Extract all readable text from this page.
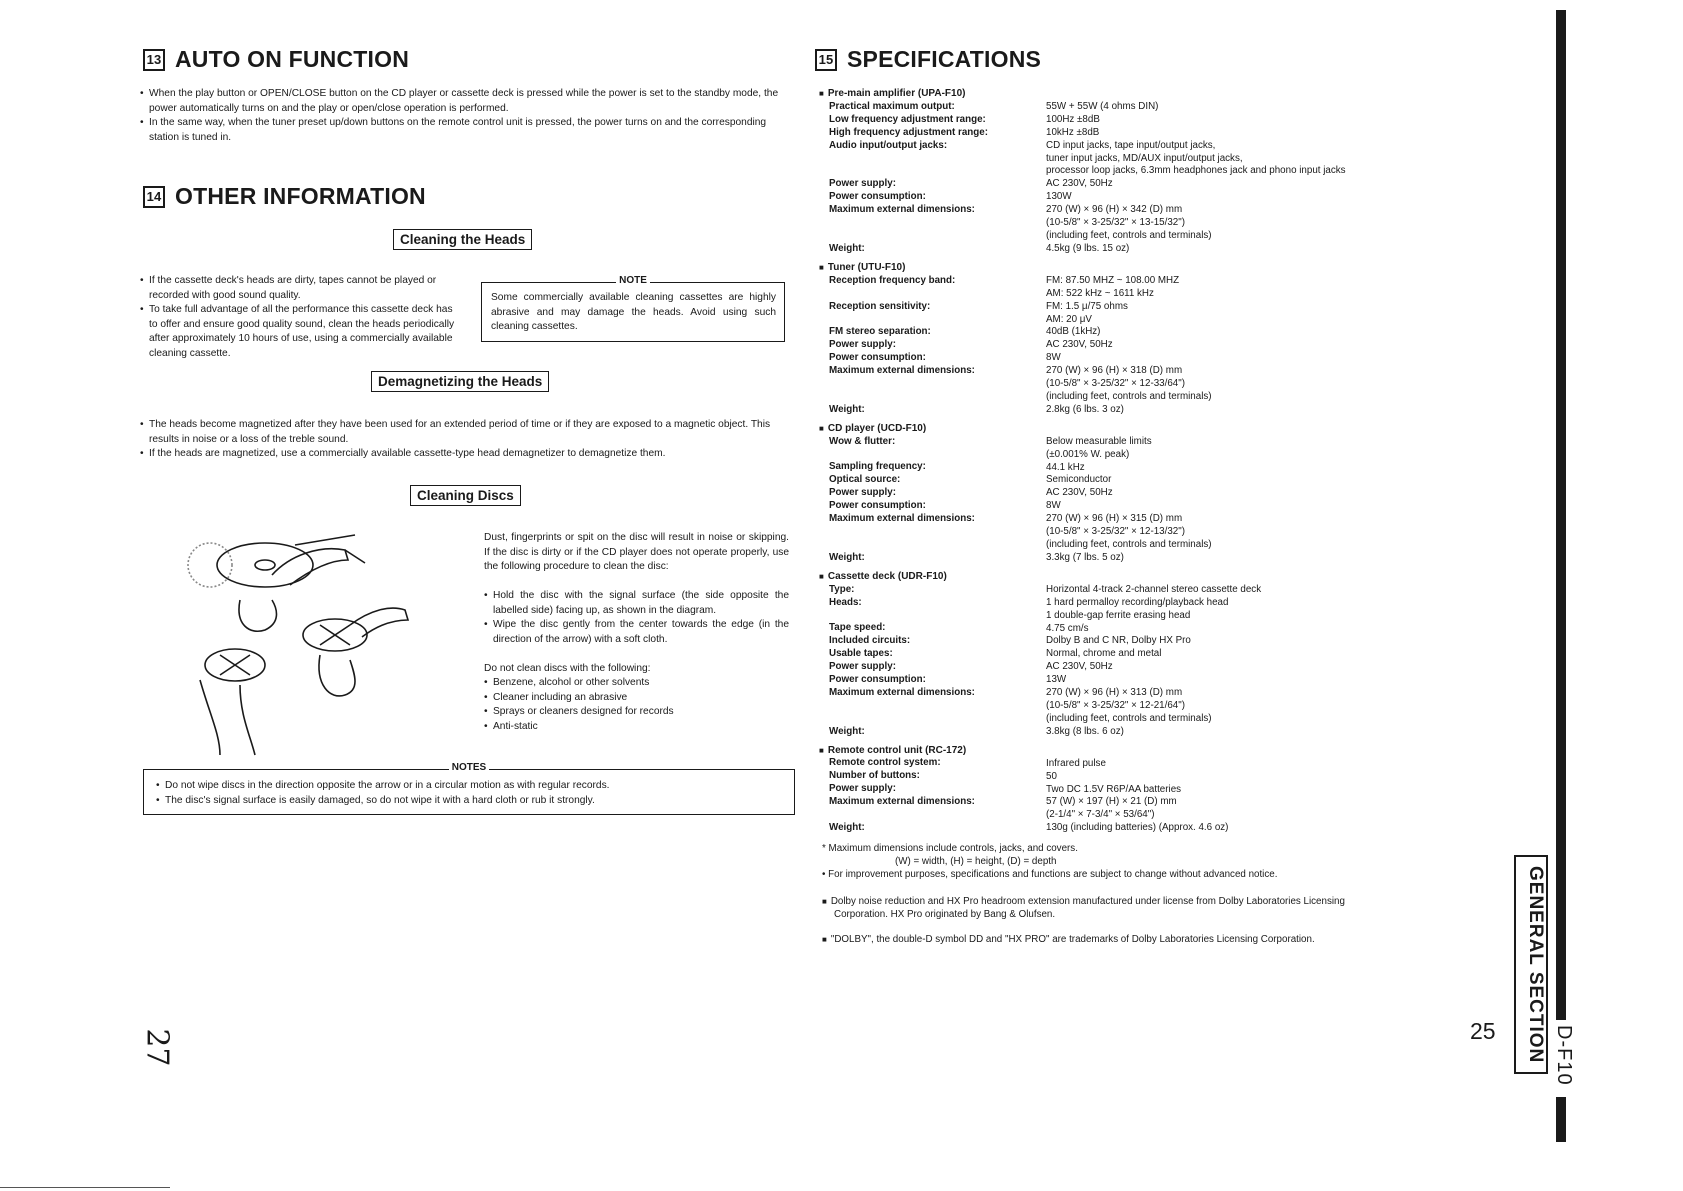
13 AUTO ON FUNCTION
• When the play button or OPEN/CLOSE button on the CD player or cassette deck is pressed while the power is set to the standby mode, the power automatically turns on and the play or open/close operation is performed.
• In the same way, when the tuner preset up/down buttons on the remote control unit is pressed, the power turns on and the corresponding station is tuned in.
14 OTHER INFORMATION
Cleaning the Heads
• If the cassette deck's heads are dirty, tapes cannot be played or recorded with good sound quality.
• To take full advantage of all the performance this cassette deck has to offer and ensure good quality sound, clean the heads periodically after approximately 10 hours of use, using a commercially available cleaning cassette.
NOTE
Some commercially available cleaning cassettes are highly abrasive and may damage the heads. Avoid using such cleaning cassettes.
Demagnetizing the Heads
• The heads become magnetized after they have been used for an extended period of time or if they are exposed to a magnetic object. This results in noise or a loss of the treble sound.
• If the heads are magnetized, use a commercially available cassette-type head demagnetizer to demagnetize them.
Cleaning Discs
Dust, fingerprints or spit on the disc will result in noise or skipping. If the disc is dirty or if the CD player does not operate properly, use the following procedure to clean the disc:
• Hold the disc with the signal surface (the side opposite the labelled side) facing up, as shown in the diagram.
• Wipe the disc gently from the center towards the edge (in the direction of the arrow) with a soft cloth.
Do not clean discs with the following:
• Benzene, alcohol or other solvents
• Cleaner including an abrasive
• Sprays or cleaners designed for records
• Anti-static
NOTES
• Do not wipe discs in the direction opposite the arrow or in a circular motion as with regular records.
• The disc's signal surface is easily damaged, so do not wipe it with a hard cloth or rub it strongly.
27
15 SPECIFICATIONS
■ Pre-main amplifier (UPA-F10)
Practical maximum output:
Low frequency adjustment range:
High frequency adjustment range:
Audio input/output jacks:
Power supply:
Power consumption:
Maximum external dimensions:
Weight:
■ Tuner (UTU-F10)
Reception frequency band:
Reception sensitivity:
FM stereo separation:
Power supply:
Power consumption:
Maximum external dimensions:
Weight:
■ CD player (UCD-F10)
Wow & flutter:
Sampling frequency:
Optical source:
Power supply:
Power consumption:
Maximum external dimensions:
Weight:
■ Cassette deck (UDR-F10)
Type:
Heads:
Tape speed:
Included circuits:
Usable tapes:
Power supply:
Power consumption:
Maximum external dimensions:
Weight:
■ Remote control unit (RC-172)
Remote control system:
Number of buttons:
Power supply:
Maximum external dimensions:
Weight:

55W + 55W (4 ohms DIN)
100Hz ±8dB
10kHz ±8dB
CD input jacks, tape input/output jacks,
tuner input jacks, MD/AUX input/output jacks,
processor loop jacks, 6.3mm headphones jack and phono input jacks
AC 230V, 50Hz
130W
270 (W) × 96 (H) × 342 (D) mm
(10-5/8" × 3-25/32" × 13-15/32")
(including feet, controls and terminals)
4.5kg (9 lbs. 15 oz)

FM: 87.50 MHZ ~ 108.00 MHZ
AM: 522 kHz ~ 1611 kHz
FM: 1.5 μ/75 ohms
AM: 20 μV
40dB (1kHz)
AC 230V, 50Hz
8W
270 (W) × 96 (H) × 318 (D) mm
(10-5/8" × 3-25/32" × 12-33/64")
(including feet, controls and terminals)
2.8kg (6 lbs. 3 oz)

Below measurable limits
(±0.001% W. peak)
44.1 kHz
Semiconductor
AC 230V, 50Hz
8W
270 (W) × 96 (H) × 315 (D) mm
(10-5/8" × 3-25/32" × 12-13/32")
(including feet, controls and terminals)
3.3kg (7 lbs. 5 oz)

Horizontal 4-track 2-channel stereo cassette deck
1 hard permalloy recording/playback head
1 double-gap ferrite erasing head
4.75 cm/s
Dolby B and C NR, Dolby HX Pro
Normal, chrome and metal
AC 230V, 50Hz
13W
270 (W) × 96 (H) × 313 (D) mm
(10-5/8" × 3-25/32" × 12-21/64")
(including feet, controls and terminals)
3.8kg (8 lbs. 6 oz)

Infrared pulse
50
Two DC 1.5V R6P/AA batteries
57 (W) × 197 (H) × 21 (D) mm
(2-1/4" × 7-3/4" × 53/64")
130g (including batteries) (Approx. 4.6 oz)
* Maximum dimensions include controls, jacks, and covers.
(W) = width, (H) = height, (D) = depth
• For improvement purposes, specifications and functions are subject to change without advanced notice.
■ Dolby noise reduction and HX Pro headroom extension manufactured under license from Dolby Laboratories Licensing
Corporation. HX Pro originated by Bang & Olufsen.
■ "DOLBY", the double-D symbol DD and "HX PRO" are trademarks of Dolby Laboratories Licensing Corporation.
25	GENERAL SECTION D-F10
